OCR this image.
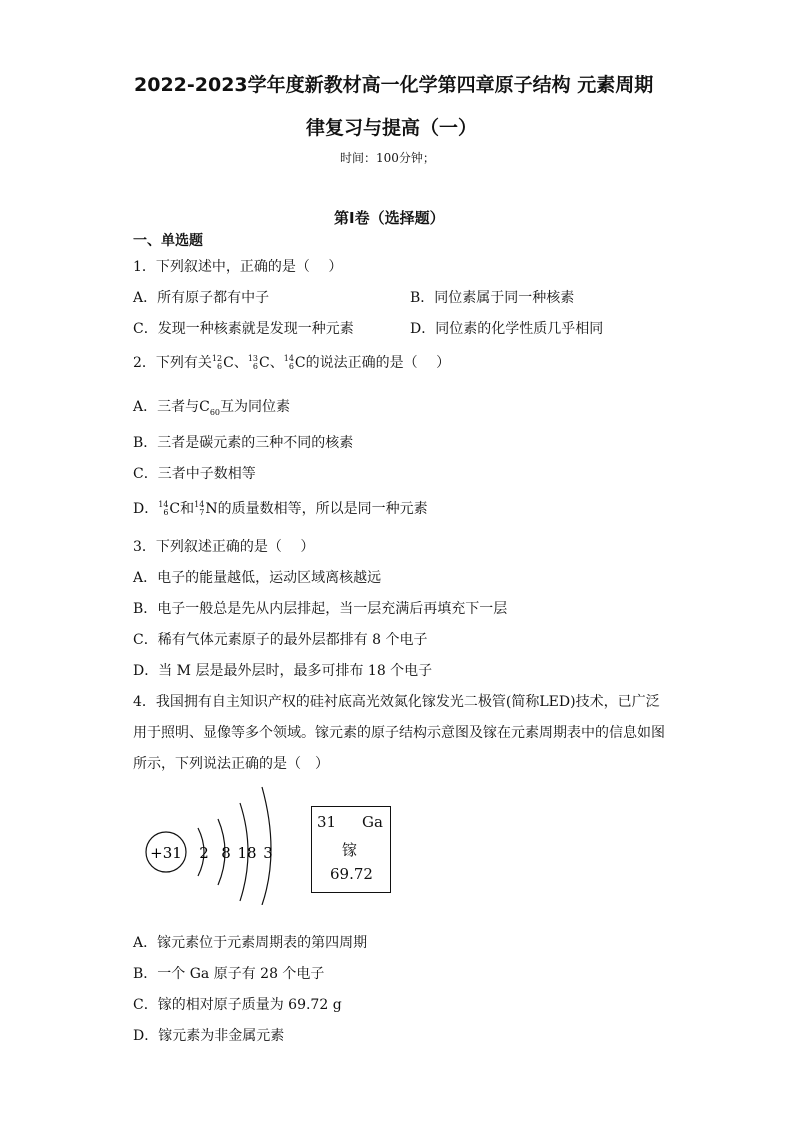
2022-2023学年度新教材高一化学第四章原子结构 元素周期
律复习与提高（一）
时间：100分钟；
第I卷（选择题）
一、单选题
1．下列叙述中，正确的是（　 ）
A．所有原子都有中子	B．同位素属于同一种核素
C．发现一种核素就是发现一种元素	D．同位素的化学性质几乎相同
2．下列有关 12
6 C、 13
6 C、 14
6 C的说法正确的是（　 ）
A．三者与$C_{60}$互为同位素
B．三者是碳元素的三种不同的核素
C．三者中子数相等
D． 14
6 C和 14
7 N的质量数相等，所以是同一种元素
3．下列叙述正确的是（　 ）
A．电子的能量越低，运动区域离核越远
B．电子一般总是先从内层排起，当一层充满后再填充下一层
C．稀有气体元素原子的最外层都排有 8 个电子
D．当 M 层是最外层时，最多可排布 18 个电子
4．我国拥有自主知识产权的硅衬底高光效氮化镓发光二极管(简称LED)技术，已广泛
用于照明、显像等多个领域。镓元素的原子结构示意图及镓在元素周期表中的信息如图
所示，下列说法正确的是（　）
+31 2 8 18 3
31 Ga
镓
69.72
A．镓元素位于元素周期表的第四周期
B．一个 Ga 原子有 28 个电子
C．镓的相对原子质量为 69.72 g
D．镓元素为非金属元素
